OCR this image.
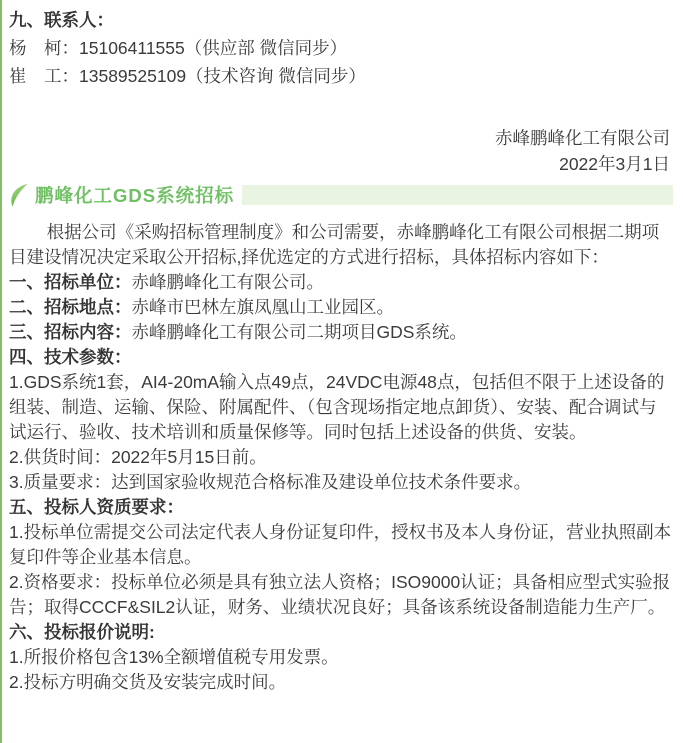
九、联系人：

杨　柯：15106411555（供应部 微信同步）

崔　工：13589525109（技术咨询 微信同步）

赤峰鹏峰化工有限公司

2022年3月1日

鹏峰化工GDS系统招标

根据公司《采购招标管理制度》和公司需要，赤峰鹏峰化工有限公司根据二期项目建设情况决定采取公开招标,择优选定的方式进行招标，具体招标内容如下：

一、招标单位：赤峰鹏峰化工有限公司。

二、招标地点：赤峰市巴林左旗凤凰山工业园区。

三、招标内容：赤峰鹏峰化工有限公司二期项目GDS系统。

四、技术参数：

1.GDS系统1套，AI4-20mA输入点49点，24VDC电源48点，包括但不限于上述设备的组装、制造、运输、保险、附属配件、（包含现场指定地点卸货）、安装、配合调试与试运行、验收、技术培训和质量保修等。同时包括上述设备的供货、安装。

2.供货时间：2022年5月15日前。

3.质量要求：达到国家验收规范合格标准及建设单位技术条件要求。

五、投标人资质要求：

1.投标单位需提交公司法定代表人身份证复印件，授权书及本人身份证，营业执照副本复印件等企业基本信息。

2.资格要求：投标单位必须是具有独立法人资格；ISO9000认证；具备相应型式实验报告；取得CCCF&SIL2认证，财务、业绩状况良好；具备该系统设备制造能力生产厂。

六、投标报价说明:

1.所报价格包含13%全额增值税专用发票。

2.投标方明确交货及安装完成时间。
